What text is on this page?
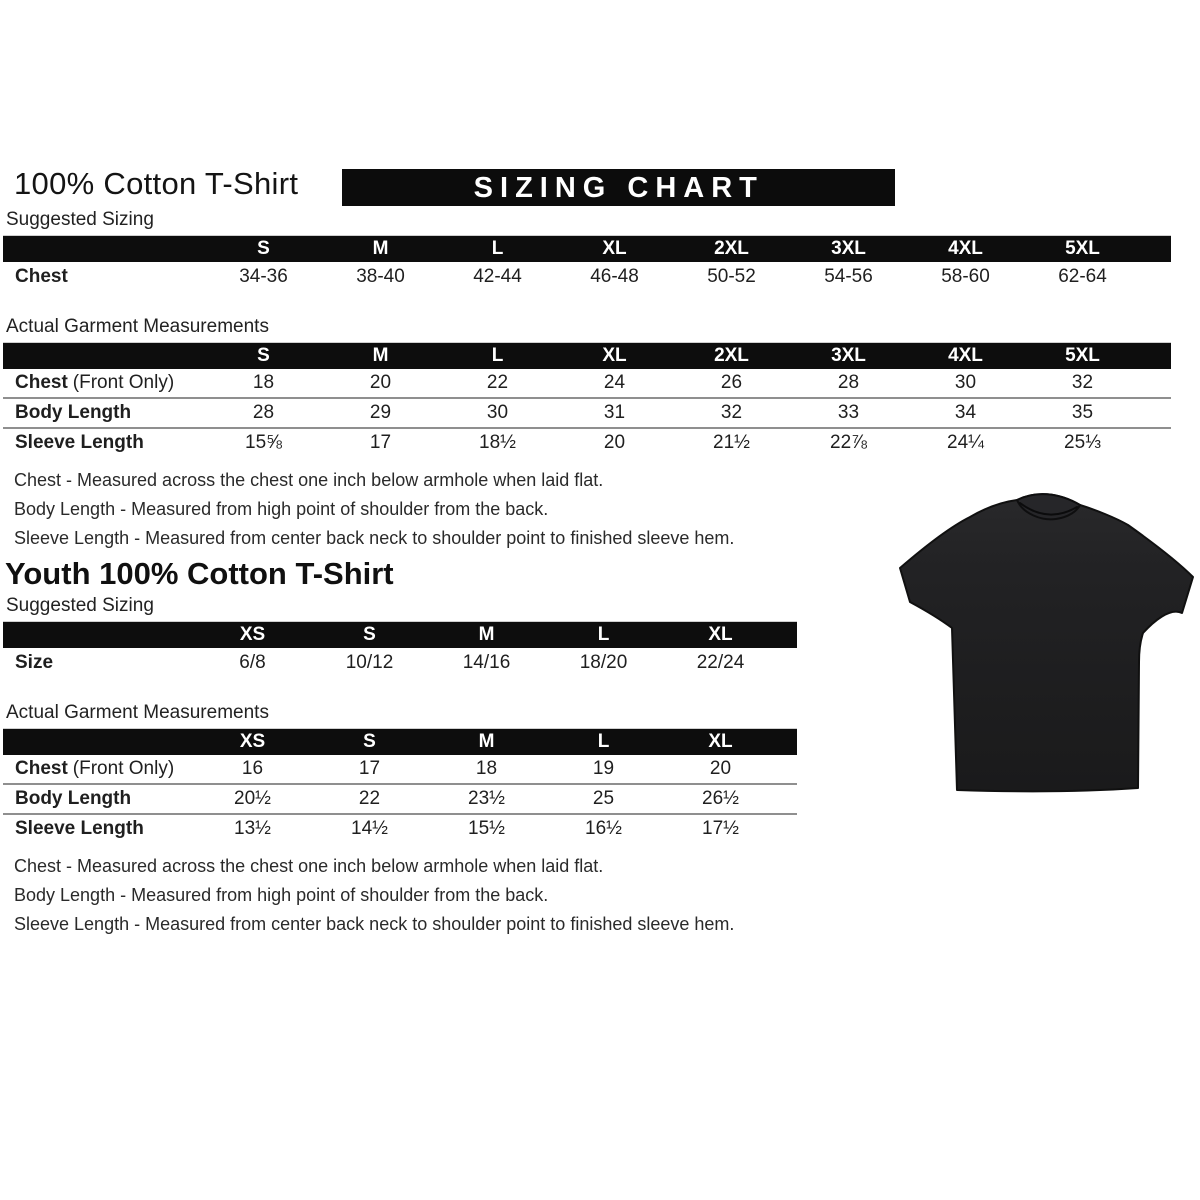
100% Cotton T-Shirt	SIZING CHART
Suggested Sizing
	S	M	L	XL	2XL	3XL	4XL	5XL	
Chest	34-36	38-40	42-44	46-48	50-52	54-56	58-60	62-64	
Actual Garment Measurements
	S	M	L	XL	2XL	3XL	4XL	5XL	
Chest (Front Only)	18	20	22	24	26	28	30	32	
Body Length	28	29	30	31	32	33	34	35	
Sleeve Length	15⅝	17	18½	20	21½	22⅞	24¼	25⅓	

Chest - Measured across the chest one inch below armhole when laid flat.

Body Length - Measured from high point of shoulder from the back.

Sleeve Length - Measured from center back neck to shoulder point to finished sleeve hem.

Youth 100% Cotton T-Shirt
Suggested Sizing
	XS	S	M	L	XL	
Size	6/8	10/12	14/16	18/20	22/24	
Actual Garment Measurements
	XS	S	M	L	XL	
Chest (Front Only)	16	17	18	19	20	
Body Length	20½	22	23½	25	26½	
Sleeve Length	13½	14½	15½	16½	17½	

Chest - Measured across the chest one inch below armhole when laid flat.

Body Length - Measured from high point of shoulder from the back.

Sleeve Length - Measured from center back neck to shoulder point to finished sleeve hem.
